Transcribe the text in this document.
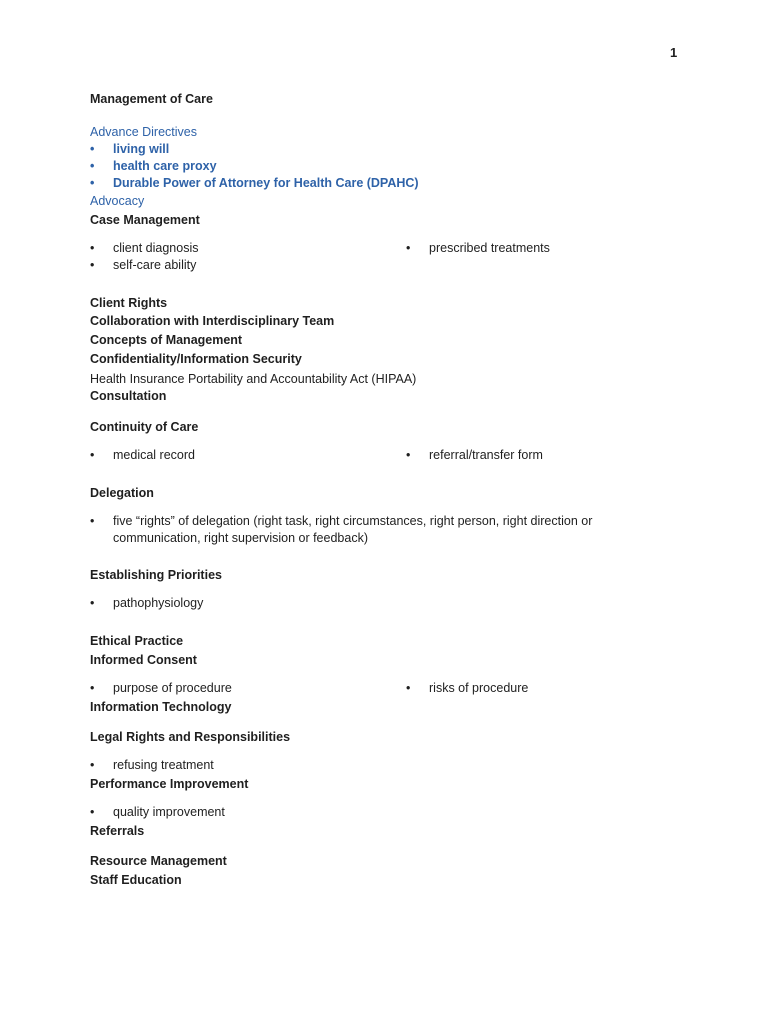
1
Management of Care
Advance Directives
• living will
• health care proxy
• Durable Power of Attorney for Health Care (DPAHC)
Advocacy
Case Management
• client diagnosis
• self-care ability
• prescribed treatments
Client Rights
Collaboration with Interdisciplinary Team
Concepts of Management
Confidentiality/Information Security
Health Insurance Portability and Accountability Act (HIPAA)
Consultation
Continuity of Care
• medical record	• referral/transfer form
Delegation
• five “rights” of delegation (right task, right circumstances, right person, right direction or
communication, right supervision or feedback)
Establishing Priorities
• pathophysiology
Ethical Practice
Informed Consent
• purpose of procedure	• risks of procedure
Information Technology
Legal Rights and Responsibilities
• refusing treatment
Performance Improvement
• quality improvement
Referrals
Resource Management
Staff Education
